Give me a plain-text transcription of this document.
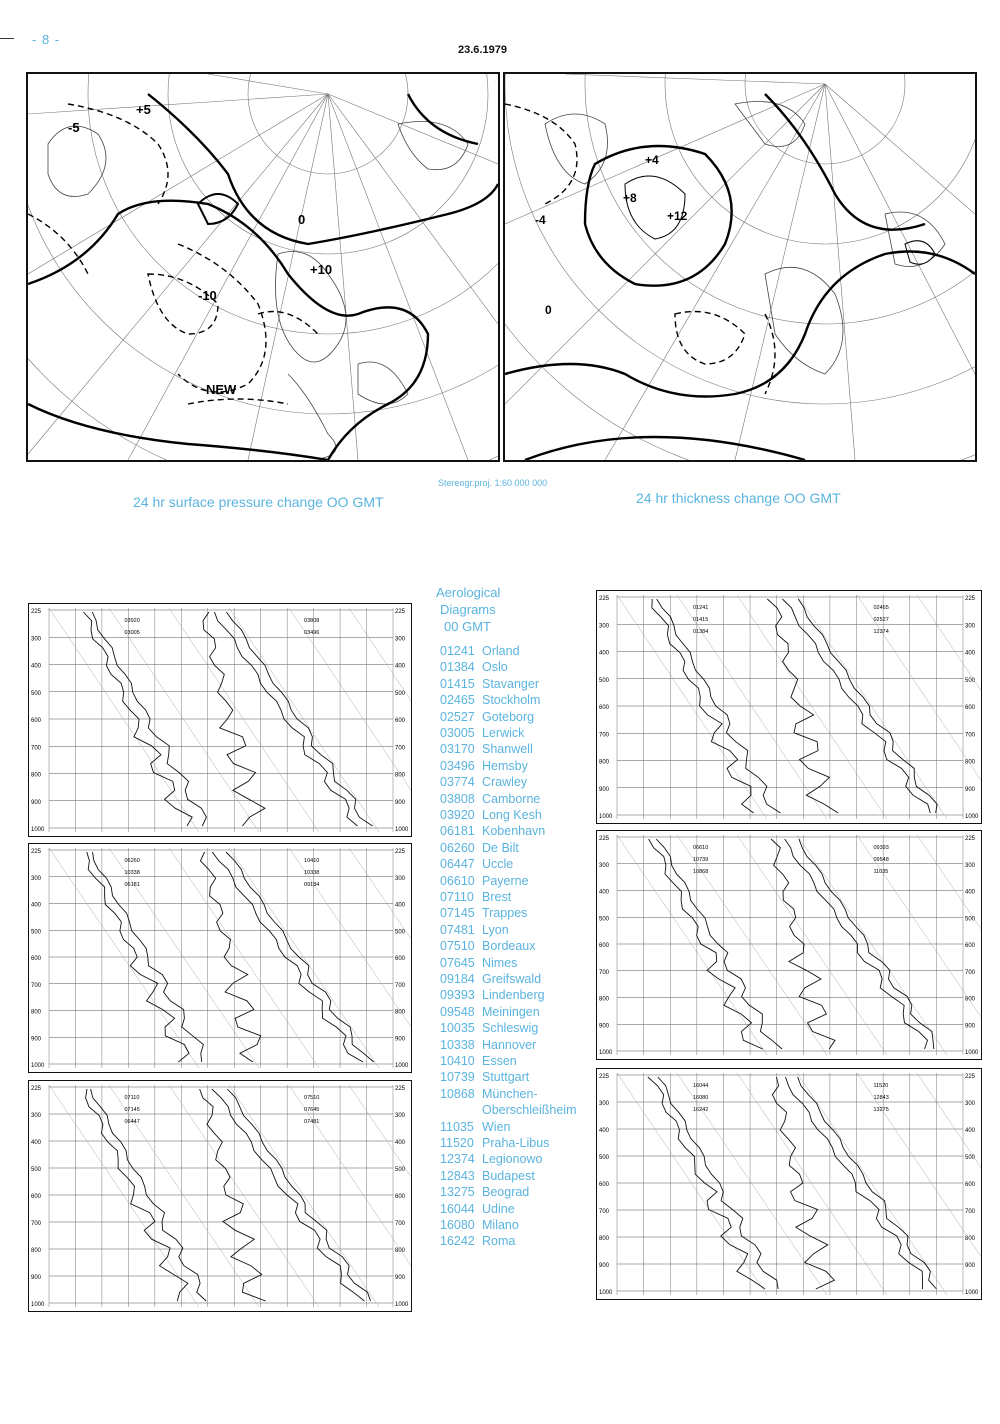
- 8 -
23.6.1979
+5
-5
0
+10
-10
NEW
+4
-4
+8
+12
0
Stereogr.proj. 1:60 000 000
24 hr surface pressure change OO GMT	24 hr thickness change OO GMT
225	225
300	300
400	400
500	500
600	600
700	700
800	800
900	900
1000	1000
03920
03005
03808
03496
225	225
300	300
400	400
500	500
600	600
700	700
800	800
900	900
1000	1000
06260
10338
06181
10410
10338
09184
225	225
300	300
400	400
500	500
600	600
700	700
800	800
900	900
1000	1000
07110
07145
06447
07510
07645
07481
225	225
300	300
400	400
500	500
600	600
700	700
800	800
900	900
1000	1000
01241
01415
01384
02465
02527
12374
225	225
300	300
400	400
500	500
600	600
700	700
800	800
900	900
1000	1000
06610
10739
10868
09393
09548
11035
225	225
300	300
400	400
500	500
600	600
700	700
800	800
900	900
1000	1000
16044
16080
16242
11520
12843
13275
Aerological
Diagrams
00 GMT
01241 Orland
01384 Oslo
01415 Stavanger
02465 Stockholm
02527 Goteborg
03005 Lerwick
03170 Shanwell
03496 Hemsby
03774 Crawley
03808 Camborne
03920 Long Kesh
06181 Kobenhavn
06260 De Bilt
06447 Uccle
06610 Payerne
07110 Brest
07145 Trappes
07481 Lyon
07510 Bordeaux
07645 Nimes
09184 Greifswald
09393 Lindenberg
09548 Meiningen
10035 Schleswig
10338 Hannover
10410 Essen
10739 Stuttgart
10868 München-
Oberschleißheim
11035 Wien
11520 Praha-Libus
12374 Legionowo
12843 Budapest
13275 Beograd
16044 Udine
16080 Milano
16242 Roma
